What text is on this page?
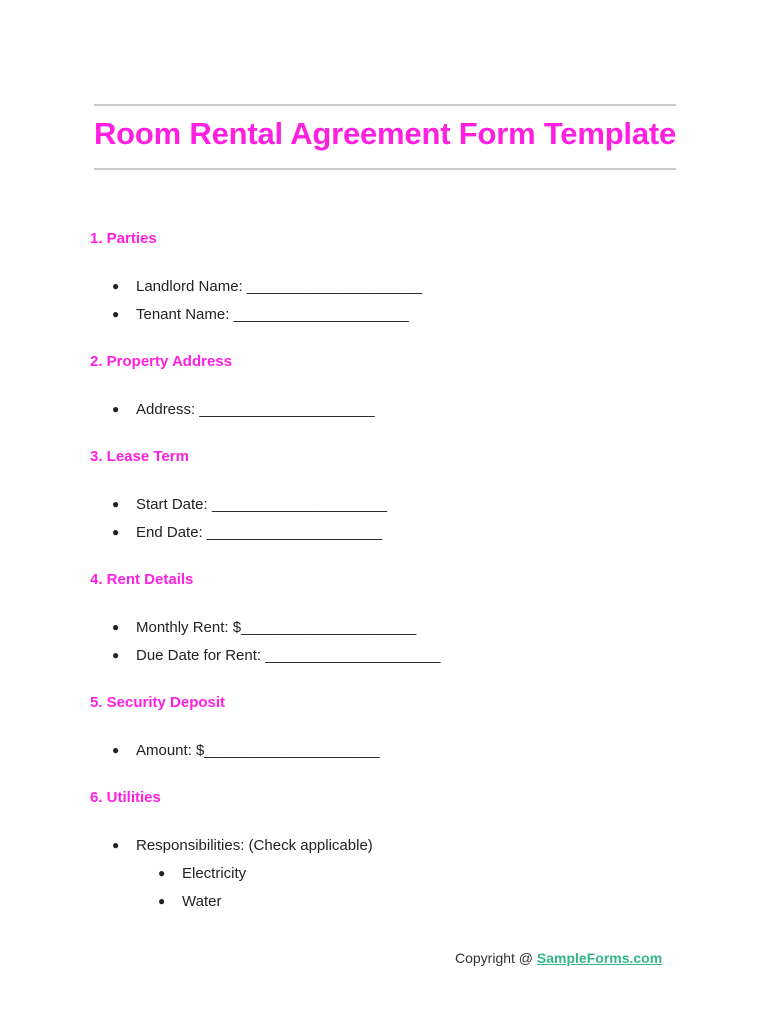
Room Rental Agreement Form Template
1. Parties
● Landlord Name: _____________________
● Tenant Name: _____________________
2. Property Address
● Address: _____________________
3. Lease Term
● Start Date: _____________________
● End Date: _____________________
4. Rent Details
● Monthly Rent: $_____________________
● Due Date for Rent: _____________________
5. Security Deposit
● Amount: $_____________________
6. Utilities
● Responsibilities: (Check applicable)
● Electricity
● Water
Copyright @ SampleForms.com
